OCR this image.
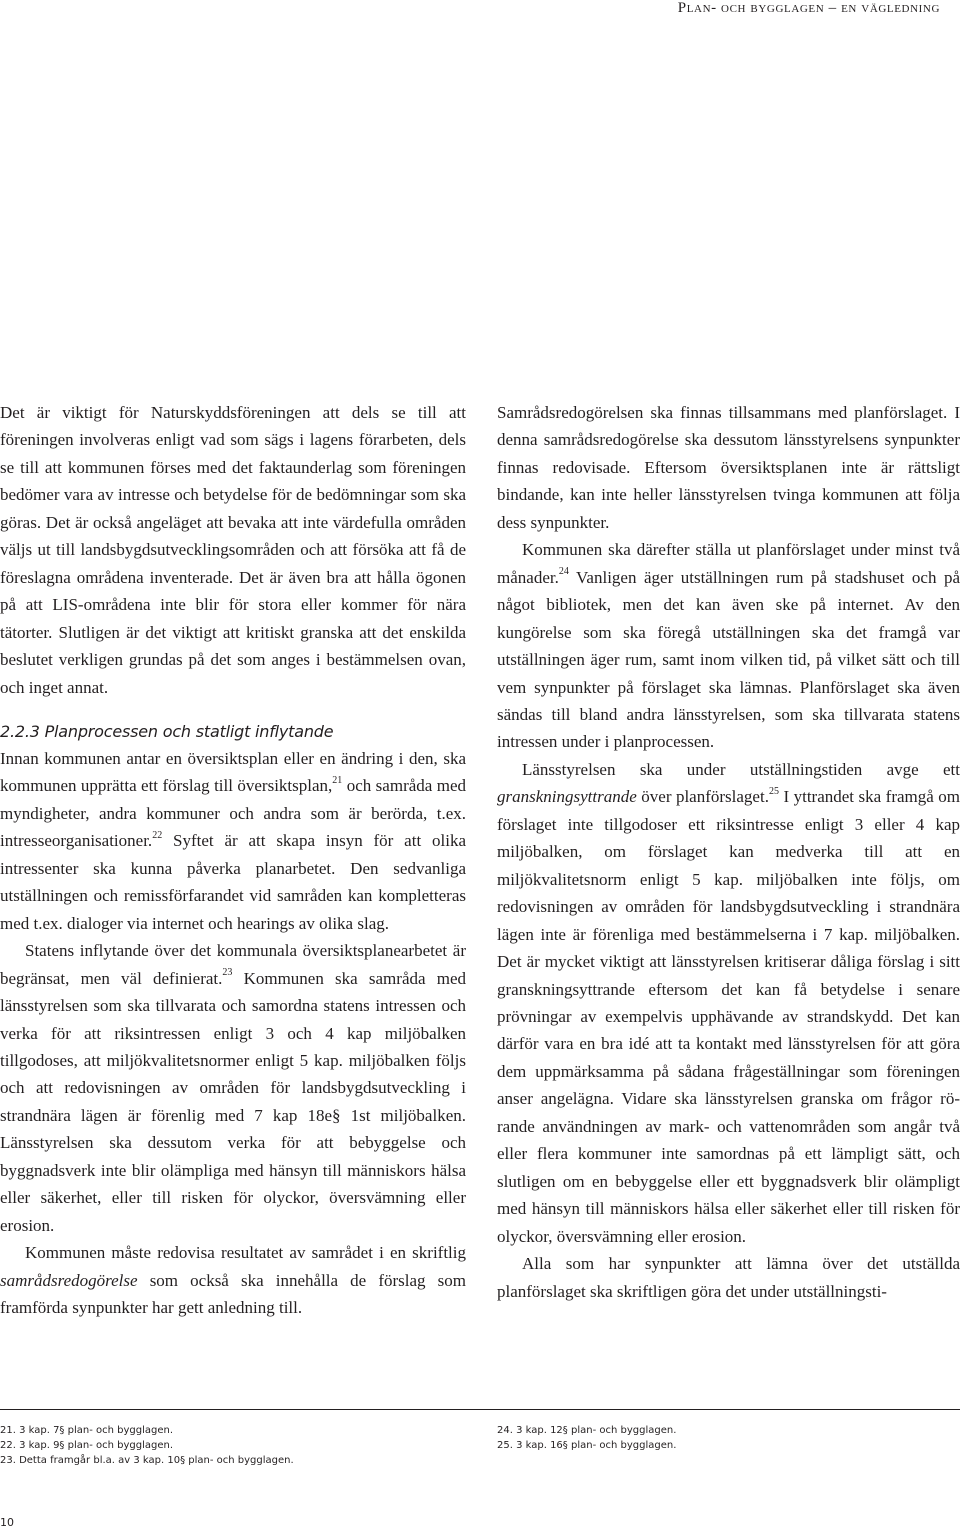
Plan- och bygglagen – en vägledning

Det är viktigt för Naturskyddsföreningen att dels se till att föreningen involveras enligt vad som sägs i lagens förarbeten, dels se till att kommunen förses med det faktaunderlag som föreningen bedömer vara av intresse och betydelse för de bedömningar som ska göras. Det är också angeläget att bevaka att inte värdefulla områden väljs ut till landsbygdsutvecklingsområden och att försöka att få de föreslagna områdena inventerade. Det är även bra att hålla ögonen på att LIS-områdena inte blir för stora eller kommer för nära tätorter. Slutligen är det viktigt att kritiskt granska att det enskilda beslutet verkligen grundas på det som anges i bestämmelsen ovan, och inget annat.

2.2.3 Planprocessen och statligt inflytande

Innan kommunen antar en översiktsplan eller en ändring i den, ska kommunen upprätta ett förslag till översiktsplan,$^{21}$ och samråda med myndigheter, andra kommuner och andra som är berörda, t.ex. intresseorganisationer.$^{22}$ Syftet är att skapa insyn för att olika intressenter ska kunna påverka planarbetet. Den sedvanliga utställningen och remissförfarandet vid samråden kan kompletteras med t.ex. dialoger via internet och hearings av olika slag.

Statens inflytande över det kommunala översiktsplanearbetet är begränsat, men väl definierat.$^{23}$ Kommunen ska samråda med länsstyrelsen som ska tillvarata och samordna statens intressen och verka för att riksintressen enligt 3 och 4 kap miljöbalken tillgodoses, att miljökvalitetsnormer enligt 5 kap. miljöbalken följs och att redovisningen av områden för landsbygdsutveckling i strandnära lägen är förenlig med 7 kap 18e§ 1st miljöbalken. Länsstyrelsen ska dessutom verka för att bebyggelse och byggnadsverk inte blir olämpliga med hänsyn till människors hälsa eller säkerhet, eller till risken för olyckor, översvämning eller erosion.

Kommunen måste redovisa resultatet av samrådet i en skriftlig samrådsredogörelse som också ska innehålla de förslag som framförda synpunkter har gett anledning till.

Samrådsredogörelsen ska finnas tillsammans med planförslaget. I denna samrådsredogörelse ska dessutom länsstyrelsens synpunkter finnas redovisade. Eftersom översiktsplanen inte är rättsligt bindande, kan inte heller länsstyrelsen tvinga kommunen att följa dess synpunkter.

Kommunen ska därefter ställa ut planförslaget under minst två månader.$^{24}$ Vanligen äger utställningen rum på stadshuset och på något bibliotek, men det kan även ske på internet. Av den kungörelse som ska föregå utställningen ska det framgå var utställningen äger rum, samt inom vilken tid, på vilket sätt och till vem synpunkter på förslaget ska lämnas. Planförslaget ska även sändas till bland andra länsstyrelsen, som ska tillvarata statens intressen under i planprocessen.

Länsstyrelsen ska under utställningstiden avge ett granskningsyttrande över planförslaget.$^{25}$ I yttrandet ska framgå om förslaget inte tillgodoser ett riksintresse enligt 3 eller 4 kap miljöbalken, om förslaget kan medverka till att en miljökvalitetsnorm enligt 5 kap. miljöbalken inte följs, om redovisningen av områden för landsbygdsutveckling i strandnära lägen inte är förenliga med bestämmelserna i 7 kap. miljöbalken. Det är mycket viktigt att länsstyrelsen kritiserar dåliga förslag i sitt granskningsyttrande eftersom det kan få betydelse i senare prövningar av exempelvis upphävande av strandskydd. Det kan därför vara en bra idé att ta kontakt med länsstyrelsen för att göra dem uppmärksamma på sådana frågeställningar som föreningen anser angelägna. Vidare ska länsstyrelsen granska om frågor rörande användningen av mark- och vattenområden som angår två eller flera kommuner inte samordnas på ett lämpligt sätt, och slutligen om en bebyggelse eller ett byggnadsverk blir olämpligt med hänsyn till människors hälsa eller säkerhet eller till risken för olyckor, översvämning eller erosion.

Alla som har synpunkter att lämna över det utställda planförslaget ska skriftligen göra det under utställningsti-

21. 3 kap. 7§ plan- och bygglagen.
22. 3 kap. 9§ plan- och bygglagen.
23. Detta framgår bl.a. av 3 kap. 10§ plan- och bygglagen.
24. 3 kap. 12§ plan- och bygglagen.
25. 3 kap. 16§ plan- och bygglagen.
10
